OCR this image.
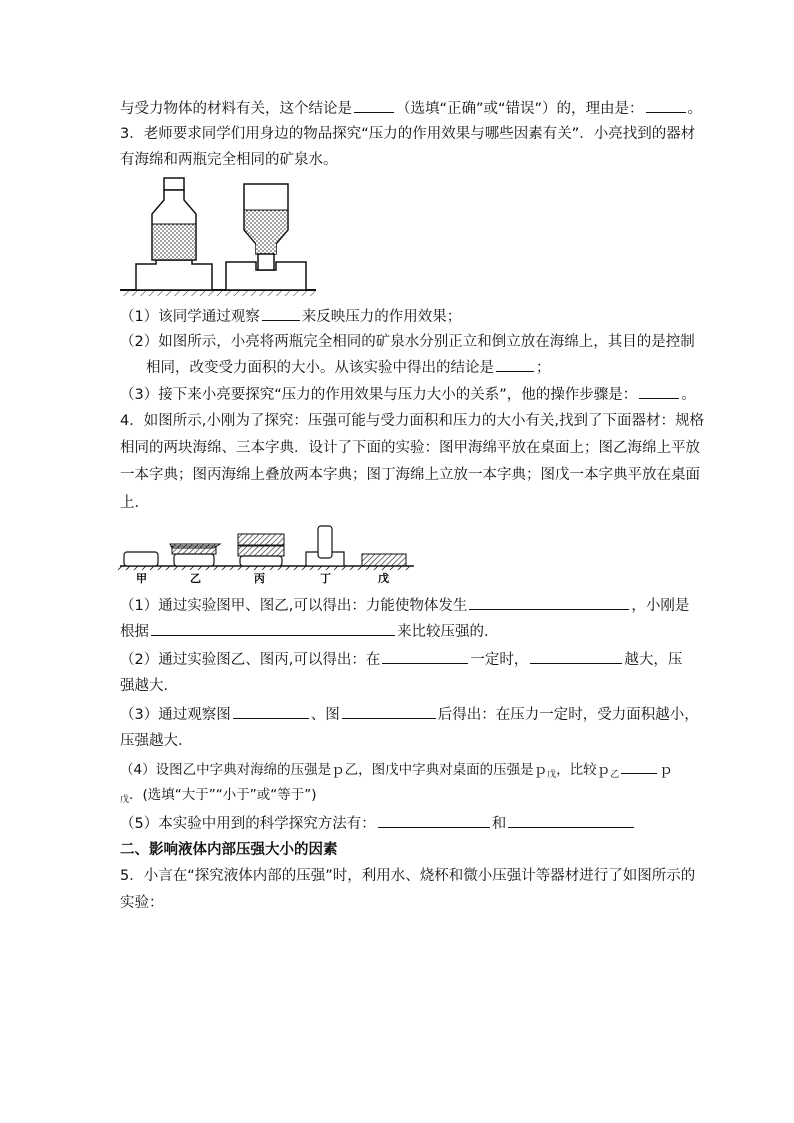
与受力物体的材料有关，这个结论是	（选填“正确”或“错误”）的，理由是：	。
3．老师要求同学们用身边的物品探究“压力的作用效果与哪些因素有关”．小亮找到的器材
有海绵和两瓶完全相同的矿泉水。
（1）该同学通过观察	来反映压力的作用效果；
（2）如图所示，小亮将两瓶完全相同的矿泉水分别正立和倒立放在海绵上，其目的是控制
相同，改变受力面积的大小。从该实验中得出的结论是	；
（3）接下来小亮要探究“压力的作用效果与压力大小的关系”，他的操作步骤是：	。
4．如图所示,小刚为了探究：压强可能与受力面积和压力的大小有关,找到了下面器材：规格
相同的两块海绵、三本字典．设计了下面的实验：图甲海绵平放在桌面上；图乙海绵上平放
一本字典；图丙海绵上叠放两本字典；图丁海绵上立放一本字典；图戊一本字典平放在桌面
上．
甲	乙	丙	丁	戊
（1）通过实验图甲、图乙,可以得出：力能使物体发生	，小刚是
根据	来比较压强的．
（2）通过实验图乙、图丙,可以得出：在	一定时，	越大，压
强越大．
（3）通过观察图	、图	后得出：在压力一定时，受力面积越小，
压强越大．
（4）设图乙中字典对海绵的压强是ｐ乙，图戊中字典对桌面的压强是ｐ$_戊$，比较ｐ$_乙$	ｐ
$_戊$．(选填“大于”“小于”或“等于”)
（5）本实验中用到的科学探究方法有：	和
二、影响液体内部压强大小的因素
5．小言在“探究液体内部的压强”时，利用水、烧杯和微小压强计等器材进行了如图所示的
实验：
